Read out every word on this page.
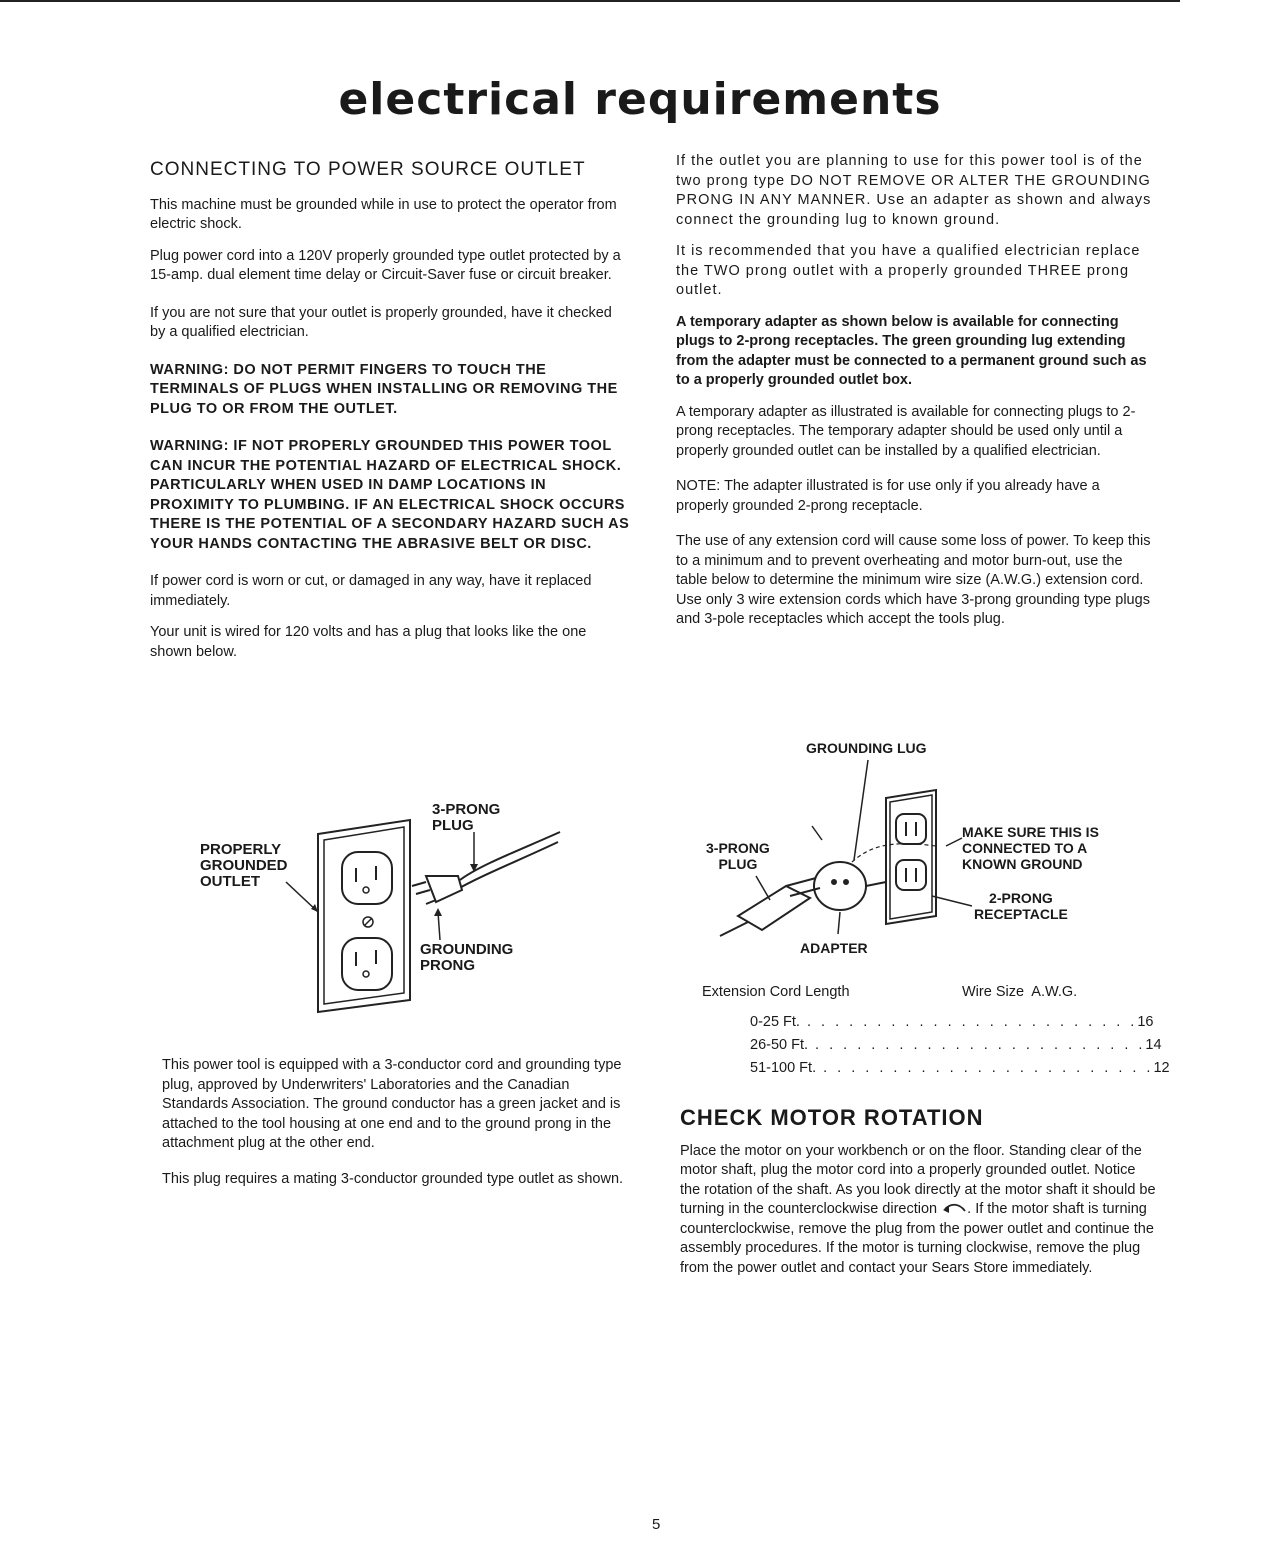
electrical requirements
CONNECTING TO POWER SOURCE OUTLET

This machine must be grounded while in use to protect the operator from electric shock.

Plug power cord into a 120V properly grounded type outlet protected by a 15-amp. dual element time delay or Circuit-Saver fuse or circuit breaker.

If you are not sure that your outlet is properly grounded, have it checked by a qualified electrician.

WARNING: DO NOT PERMIT FINGERS TO TOUCH THE TERMINALS OF PLUGS WHEN INSTALLING OR REMOVING THE PLUG TO OR FROM THE OUTLET.

WARNING: IF NOT PROPERLY GROUNDED THIS POWER TOOL CAN INCUR THE POTENTIAL HAZARD OF ELECTRICAL SHOCK. PARTICULARLY WHEN USED IN DAMP LOCATIONS IN PROXIMITY TO PLUMBING. IF AN ELECTRICAL SHOCK OCCURS THERE IS THE POTENTIAL OF A SECONDARY HAZARD SUCH AS YOUR HANDS CONTACTING THE ABRASIVE BELT OR DISC.

If power cord is worn or cut, or damaged in any way, have it replaced immediately.

Your unit is wired for 120 volts and has a plug that looks like the one shown below.

PROPERLY
GROUNDED
OUTLET
3-PRONG
PLUG
GROUNDING
PRONG

This power tool is equipped with a 3-conductor cord and grounding type plug, approved by Underwriters' Laboratories and the Canadian Standards Association. The ground conductor has a green jacket and is attached to the tool housing at one end and to the ground prong in the attachment plug at the other end.

This plug requires a mating 3-conductor grounded type outlet as shown.

If the outlet you are planning to use for this power tool is of the two prong type DO NOT REMOVE OR ALTER THE GROUNDING PRONG IN ANY MANNER. Use an adapter as shown and always connect the grounding lug to known ground.

It is recommended that you have a qualified electrician replace the TWO prong outlet with a properly grounded THREE prong outlet.

A temporary adapter as shown below is available for connecting plugs to 2-prong receptacles. The green grounding lug extending from the adapter must be connected to a permanent ground such as to a properly grounded outlet box.

A temporary adapter as illustrated is available for connecting plugs to 2-prong receptacles. The temporary adapter should be used only until a properly grounded outlet can be installed by a qualified electrician.

NOTE: The adapter illustrated is for use only if you already have a properly grounded 2-prong receptacle.

The use of any extension cord will cause some loss of power. To keep this to a minimum and to prevent overheating and motor burn-out, use the table below to determine the minimum wire size (A.W.G.) extension cord. Use only 3 wire extension cords which have 3-prong grounding type plugs and 3-pole receptacles which accept the tools plug.

GROUNDING LUG
3-PRONG
PLUG
MAKE SURE THIS IS
CONNECTED TO A
KNOWN GROUND
2-PRONG
RECEPTACLE
ADAPTER
Extension Cord Length	Wire Size  A.W.G.
0-25 Ft. . . . . . . . . . . . . . . . . . . . . . . . . 16
26-50 Ft. . . . . . . . . . . . . . . . . . . . . . . . . 14
51-100 Ft. . . . . . . . . . . . . . . . . . . . . . . . . 12
CHECK MOTOR ROTATION

Place the motor on your workbench or on the floor. Standing clear of the motor shaft, plug the motor cord into a properly grounded outlet. Notice the rotation of the shaft. As you look directly at the motor shaft it should be turning in the counterclockwise direction . If the motor shaft is turning counterclockwise, remove the plug from the power outlet and continue the assembly procedures. If the motor is turning clockwise, remove the plug from the power outlet and contact your Sears Store immediately.

5
